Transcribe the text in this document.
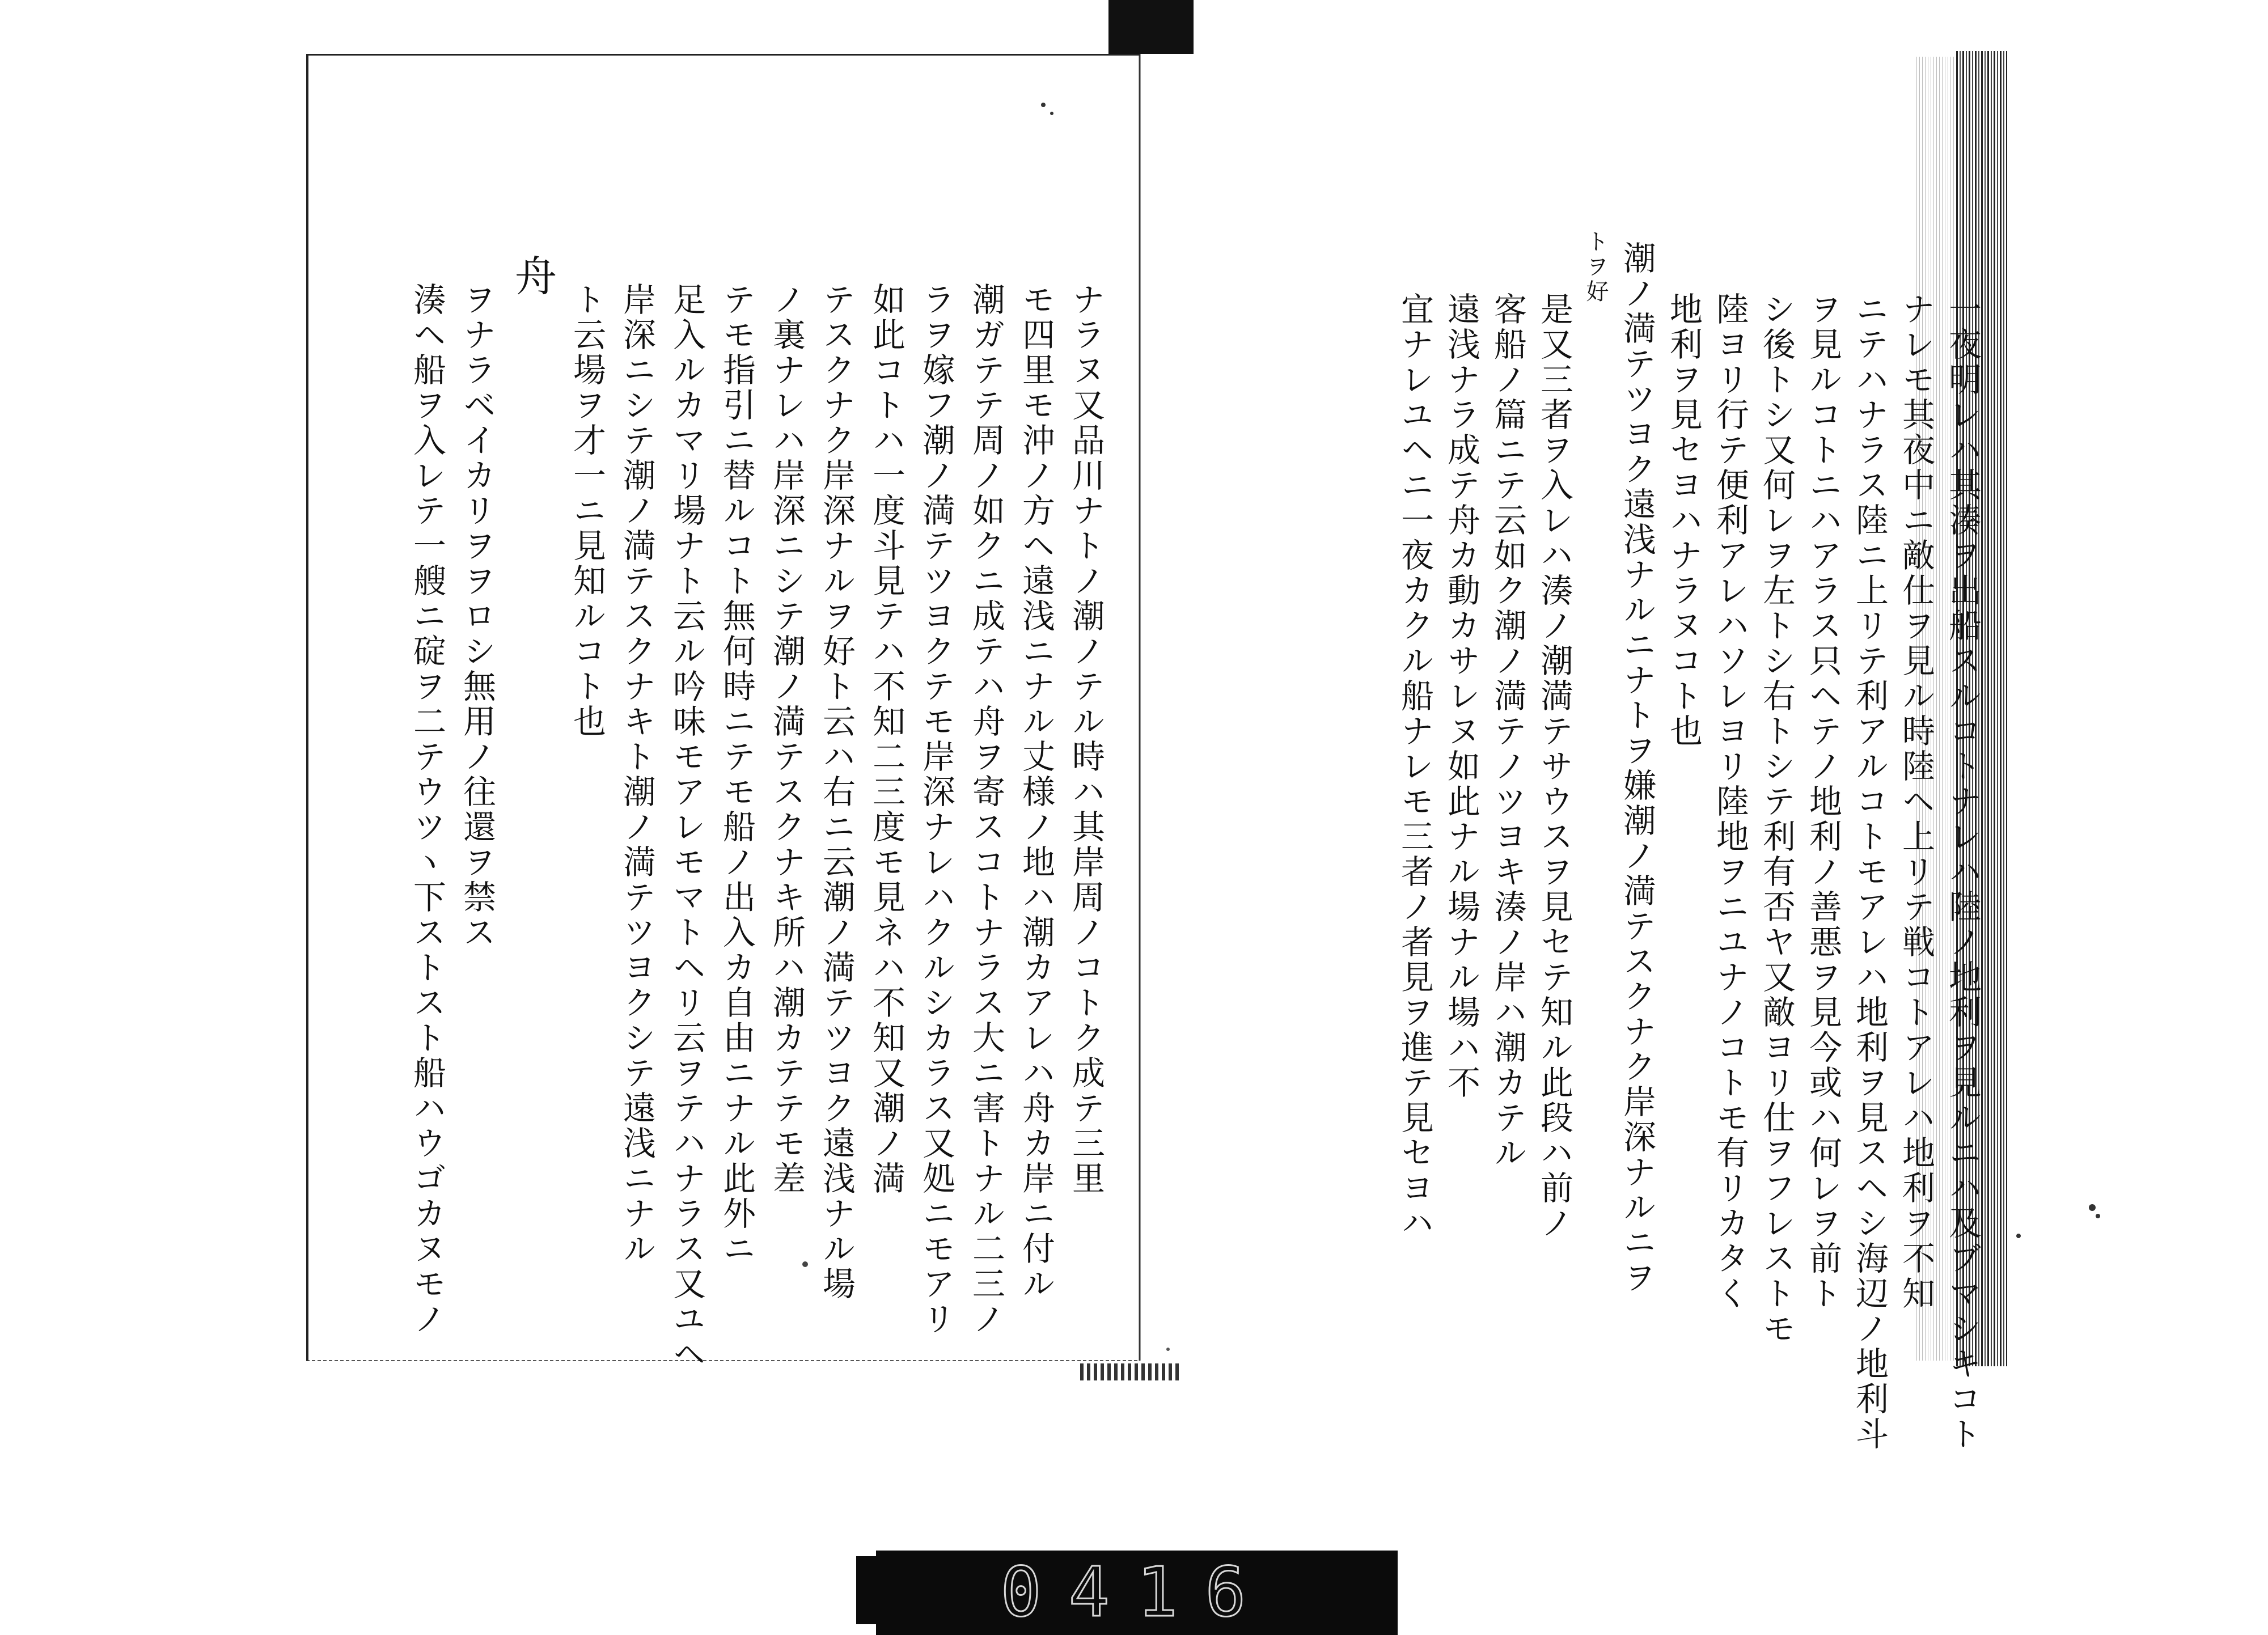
ナラヌ又品川ナトノ潮ノテル時ハ其岸周ノコトク成テ三里
モ四里モ沖ノ方ヘ遠浅ニナル丈様ノ地ハ潮カアレハ舟カ岸ニ付ル
潮ガテテ周ノ如クニ成テハ舟ヲ寄スコトナラス大ニ害トナル二三ノ
ラヲ嫁フ潮ノ満テツヨクテモ岸深ナレハクルシカラス又処ニモアリ
如此コトハ一度斗見テハ不知二三度モ見ネハ不知又潮ノ満
テスクナク岸深ナルヲ好ト云ハ右ニ云潮ノ満テツヨク遠浅ナル場
ノ裏ナレハ岸深ニシテ潮ノ満テスクナキ所ハ潮カテテモ差
テモ指引ニ替ルコト無何時ニテモ船ノ出入カ自由ニナル此外ニ
足入ルカマリ場ナト云ル吟味モアレモマトヘリ云ヲテハナラス又ユヘ
岸深ニシテ潮ノ満テスクナキト潮ノ満テツヨクシテ遠浅ニナル
ト云場ヲ才一ニ見知ルコト也
舟
ヲナラベイカリヲヲロシ無用ノ往還ヲ禁ス
湊ヘ船ヲ入レテ一艘ニ碇ヲ二テウツヽ下ストスト船ハウゴカヌモノ	一夜明レハ其湊ヲ出船スルコトナレハ陸ノ地利ヲ見ルニハ及ブマシキコト
ナレモ其夜中ニ敵仕ヲ見ル時陸ヘ上リテ戦コトアレハ地利ヲ不知
ニテハナラス陸ニ上リテ利アルコトモアレハ地利ヲ見スヘシ海辺ノ地利斗
ヲ見ルコトニハアラス只ヘテノ地利ノ善悪ヲ見今或ハ何レヲ前ト
シ後トシ又何レヲ左トシ右トシテ利有否ヤ又敵ヨリ仕ヲフレストモ
陸ヨリ行テ便利アレハソレヨリ陸地ヲニユナノコトモ有リカタく
地利ヲ見セヨハナラヌコト也
潮ノ満テツヨク遠浅ナルニナトヲ嫌潮ノ満テスクナク岸深ナルニヲ
トヲ好
是又三者ヲ入レハ湊ノ潮満テサウスヲ見セテ知ル此段ハ前ノ
客船ノ篇ニテ云如ク潮ノ満テノツヨキ湊ノ岸ハ潮カテル
遠浅ナラ成テ舟カ動カサレヌ如此ナル場ナル場ハ不
宜ナレユヘニ一夜カクル船ナレモ三者ノ者見ヲ進テ見セヨハ
0416
